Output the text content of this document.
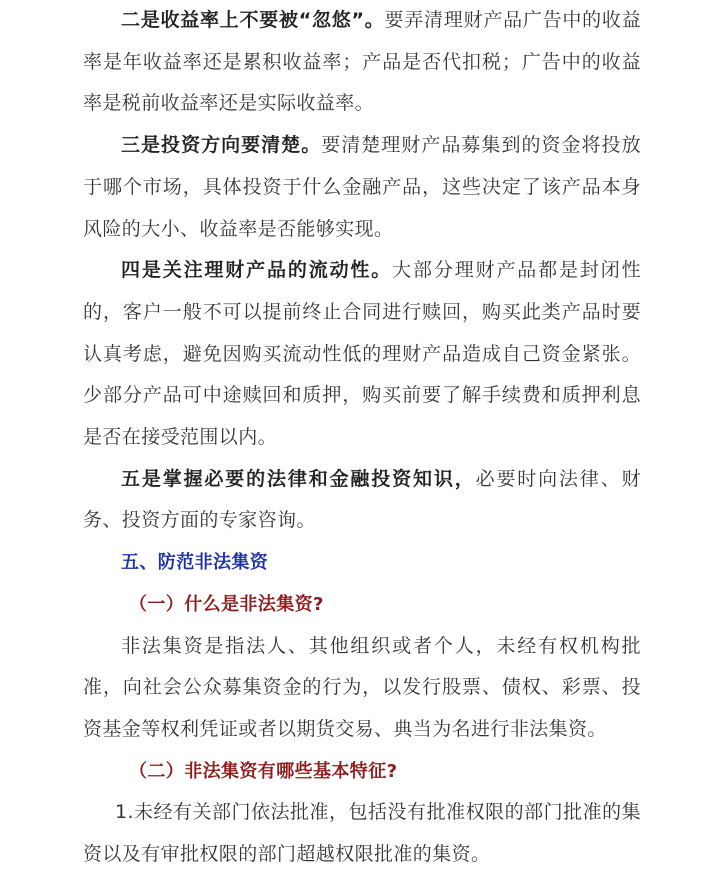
二是收益率上不要被“忽悠”。要弄清理财产品广告中的收益率是年收益率还是累积收益率；产品是否代扣税；广告中的收益率是税前收益率还是实际收益率。

三是投资方向要清楚。要清楚理财产品募集到的资金将投放于哪个市场，具体投资于什么金融产品，这些决定了该产品本身风险的大小、收益率是否能够实现。

四是关注理财产品的流动性。大部分理财产品都是封闭性的，客户一般不可以提前终止合同进行赎回，购买此类产品时要认真考虑，避免因购买流动性低的理财产品造成自己资金紧张。少部分产品可中途赎回和质押，购买前要了解手续费和质押利息是否在接受范围以内。

五是掌握必要的法律和金融投资知识，必要时向法律、财务、投资方面的专家咨询。

五、防范非法集资

（一）什么是非法集资?

非法集资是指法人、其他组织或者个人，未经有权机构批准，向社会公众募集资金的行为，以发行股票、债权、彩票、投资基金等权利凭证或者以期货交易、典当为名进行非法集资。

（二）非法集资有哪些基本特征?

1.未经有关部门依法批准，包括没有批准权限的部门批准的集资以及有审批权限的部门超越权限批准的集资。
